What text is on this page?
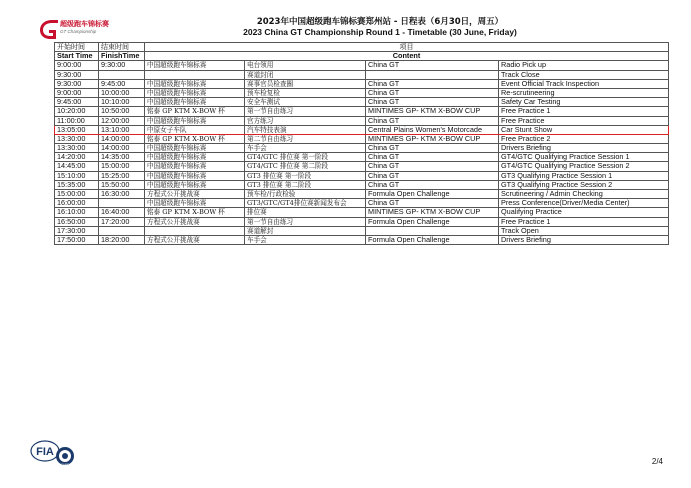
超级跑车锦标赛
GT Championship
2023年中国超级跑车锦标赛郑州站 - 日程表（6月30日，周五）
2023 China GT Championship Round 1 - Timetable (30 June, Friday)
开始时间	结束时间	项目			
Start Time	FinishTime	Content			
9:00:00	9:30:00	中国超级跑车锦标赛	电台领用	China GT	Radio Pick up
9:30:00			赛道封闭		Track Close
9:30:00	9:45:00	中国超级跑车锦标赛	赛事官员检查圈	China GT	Event Official Track Inspection
9:00:00	10:00:00	中国超级跑车锦标赛	预车检复检	China GT	Re-scrutineering
9:45:00	10:10:00	中国超级跑车锦标赛	安全车测试	China GT	Safety Car Testing
10:20:00	10:50:00	铭泰 GP KTM X-BOW 杯	第一节自由练习	MINTIMES GP- KTM X-BOW CUP	Free Practice 1
11:00:00	12:00:00	中国超级跑车锦标赛	官方练习	China GT	Free Practice
13:05:00	13:10:00	中原女子车队	汽车特技表演	Central Plains Women's Motorcade	Car Stunt Show
13:30:00	14:00:00	铭泰 GP KTM X-BOW 杯	第二节自由练习	MINTIMES GP- KTM X-BOW CUP	Free Practice 2
13:30:00	14:00:00	中国超级跑车锦标赛	车手会	China GT	Drivers Briefing
14:20:00	14:35:00	中国超级跑车锦标赛	GT4/GTC 排位赛 第一阶段	China GT	GT4/GTC Qualifying Practice Session 1
14:45:00	15:00:00	中国超级跑车锦标赛	GT4/GTC 排位赛 第二阶段	China GT	GT4/GTC Qualifying Practice Session 2
15:10:00	15:25:00	中国超级跑车锦标赛	GT3 排位赛 第一阶段	China GT	GT3 Qualifying Practice Session 1
15:35:00	15:50:00	中国超级跑车锦标赛	GT3 排位赛 第二阶段	China GT	GT3 Qualifying Practice Session 2
15:00:00	16:30:00	方程式公开挑战赛	预车检/行政检验	Formula Open Challenge	Scrutineering / Admin Checking
16:00:00		中国超级跑车锦标赛	GT3/GTC/GT4排位赛新闻发布会	China GT	Press Conference(Driver/Media Center)
16:10:00	16:40:00	铭泰 GP KTM X-BOW 杯	排位赛	MINTIMES GP- KTM X-BOW CUP	Qualifying Practice
16:50:00	17:20:00	方程式公开挑战赛	第一节自由练习	Formula Open Challenge	Free Practice 1
17:30:00			赛道解封		Track Open
17:50:00	18:20:00	方程式公开挑战赛	车手会	Formula Open Challenge	Drivers Briefing
FIA
CAMF	2/4
